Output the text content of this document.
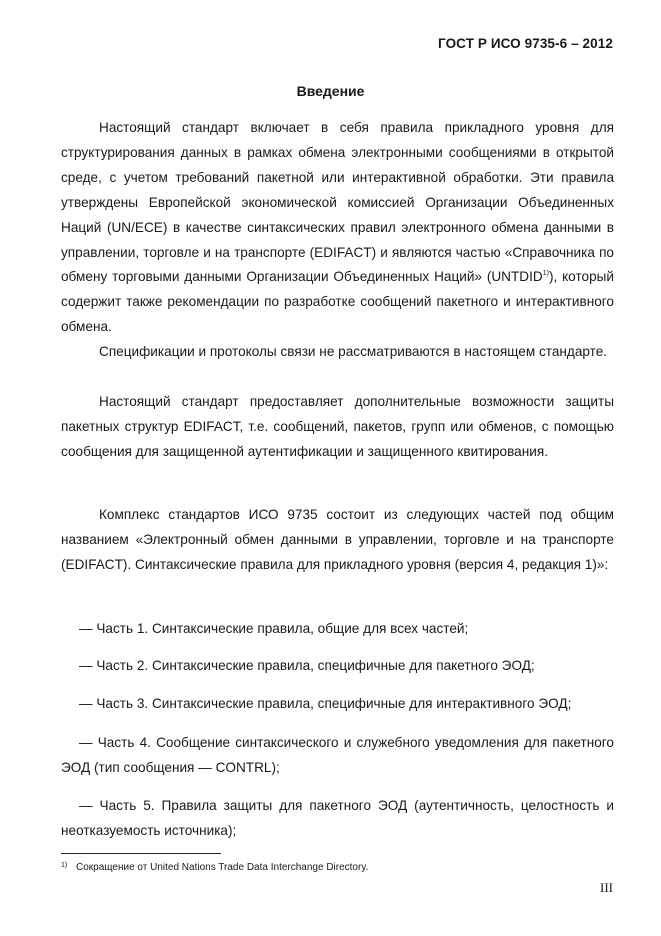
ГОСТ Р ИСО 9735-6 – 2012
Введение

Настоящий стандарт включает в себя правила прикладного уровня для структурирования данных в рамках обмена электронными сообщениями в открытой среде, с учетом требований пакетной или интерактивной обработки. Эти правила утверждены Европейской экономической комиссией Организации Объединенных Наций (UN/ECE) в качестве синтаксических правил электронного обмена данными в управлении, торговле и на транспорте (EDIFACT) и являются частью «Справочника по обмену торговыми данными Организации Объединенных Наций» (UNTDID$^{1)}$), который содержит также рекомендации по разработке сообщений пакетного и интерактивного обмена.

Спецификации и протоколы связи не рассматриваются в настоящем стандарте.

Настоящий стандарт предоставляет дополнительные возможности защиты пакетных структур EDIFACT, т.е. сообщений, пакетов, групп или обменов, с помощью сообщения для защищенной аутентификации и защищенного квитирования.

Комплекс стандартов ИСО 9735 состоит из следующих частей под общим названием «Электронный обмен данными в управлении, торговле и на транспорте (EDIFACT). Синтаксические правила для прикладного уровня (версия 4, редакция 1)»:

— Часть 1. Синтаксические правила, общие для всех частей;

— Часть 2. Синтаксические правила, специфичные для пакетного ЭОД;

— Часть 3. Синтаксические правила, специфичные для интерактивного ЭОД;

— Часть 4. Сообщение синтаксического и служебного уведомления для пакетного ЭОД (тип сообщения — CONTRL);

— Часть 5. Правила защиты для пакетного ЭОД (аутентичность, целостность и неотказуемость источника);

1) Сокращение от United Nations Trade Data Interchange Directory.
III
